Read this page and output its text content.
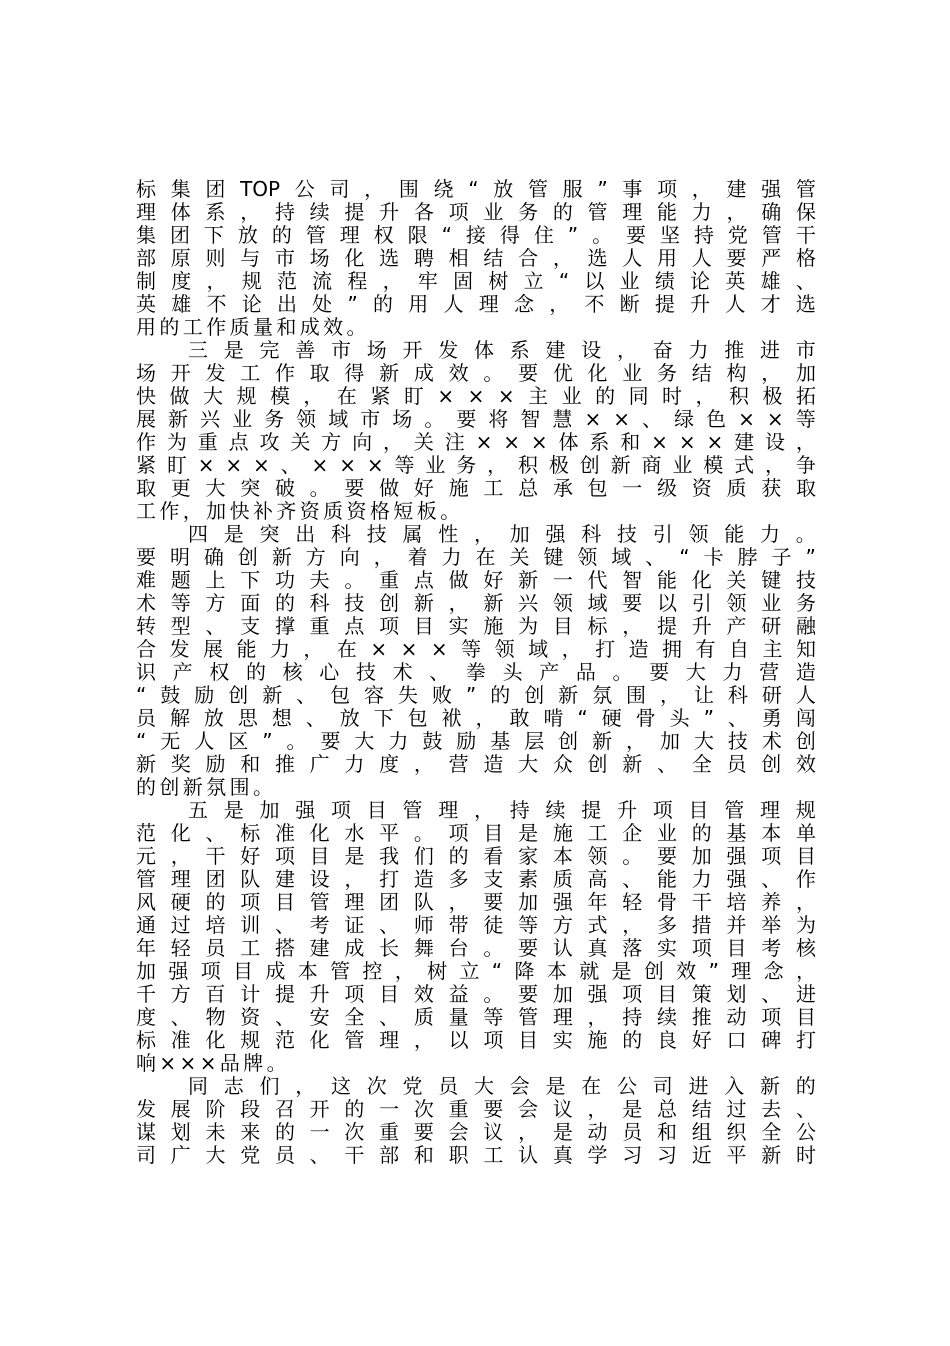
标 集 团 TOP 公 司 ， 围 绕 “ 放 管 服 ” 事 项 ， 建 强 管
理 体 系 ， 持 续 提 升 各 项 业 务 的 管 理 能 力 ， 确 保
集 团 下 放 的 管 理 权 限 “ 接 得 住 ” 。 要 坚 持 党 管 干
部 原 则 与 市 场 化 选 聘 相 结 合 ， 选 人 用 人 要 严 格
制 度 ， 规 范 流 程 ， 牢 固 树 立 “ 以 业 绩 论 英 雄 、
英 雄 不 论 出 处 ” 的 用 人 理 念 ， 不 断 提 升 人 才 选
用 的 工 作 质 量 和 成 效 。
三 是 完 善 市 场 开 发 体 系 建 设 ， 奋 力 推 进 市
场 开 发 工 作 取 得 新 成 效 。 要 优 化 业 务 结 构 ， 加
快 做 大 规 模 ， 在 紧 盯 × × × 主 业 的 同 时 ， 积 极 拓
展 新 兴 业 务 领 域 市 场 。 要 将 智 慧 × × 、 绿 色 × × 等
作 为 重 点 攻 关 方 向 ， 关 注 × × × 体 系 和 × × × 建 设 ，
紧 盯 × × × 、 × × × 等 业 务 ， 积 极 创 新 商 业 模 式 ， 争
取 更 大 突 破 。 要 做 好 施 工 总 承 包 一 级 资 质 获 取
工 作 ， 加 快 补 齐 资 质 资 格 短 板 。
四 是 突 出 科 技 属 性 ， 加 强 科 技 引 领 能 力 。
要 明 确 创 新 方 向 ， 着 力 在 关 键 领 域 、 “ 卡 脖 子 ”
难 题 上 下 功 夫 。 重 点 做 好 新 一 代 智 能 化 关 键 技
术 等 方 面 的 科 技 创 新 ， 新 兴 领 域 要 以 引 领 业 务
转 型 、 支 撑 重 点 项 目 实 施 为 目 标 ， 提 升 产 研 融
合 发 展 能 力 ， 在 × × × 等 领 域 ， 打 造 拥 有 自 主 知
识 产 权 的 核 心 技 术 、 拳 头 产 品 。 要 大 力 营 造
“ 鼓 励 创 新 、 包 容 失 败 ” 的 创 新 氛 围 ， 让 科 研 人
员 解 放 思 想 、 放 下 包 袱 ， 敢 啃 “ 硬 骨 头 ” 、 勇 闯
“ 无 人 区 ” 。 要 大 力 鼓 励 基 层 创 新 ， 加 大 技 术 创
新 奖 励 和 推 广 力 度 ， 营 造 大 众 创 新 、 全 员 创 效
的 创 新 氛 围 。
五 是 加 强 项 目 管 理 ， 持 续 提 升 项 目 管 理 规
范 化 、 标 准 化 水 平 。 项 目 是 施 工 企 业 的 基 本 单
元 ， 干 好 项 目 是 我 们 的 看 家 本 领 。 要 加 强 项 目
管 理 团 队 建 设 ， 打 造 多 支 素 质 高 、 能 力 强 、 作
风 硬 的 项 目 管 理 团 队 ， 要 加 强 年 轻 骨 干 培 养 ，
通 过 培 训 、 考 证 、 师 带 徒 等 方 式 ， 多 措 并 举 为
年 轻 员 工 搭 建 成 长 舞 台 。 要 认 真 落 实 项 目 考 核
加 强 项 目 成 本 管 控 ， 树 立 “ 降 本 就 是 创 效 ” 理 念 ，
千 方 百 计 提 升 项 目 效 益 。 要 加 强 项 目 策 划 、 进
度 、 物 资 、 安 全 、 质 量 等 管 理 ， 持 续 推 动 项 目
标 准 化 规 范 化 管 理 ， 以 项 目 实 施 的 良 好 口 碑 打
响 × × × 品 牌 。
同 志 们 ， 这 次 党 员 大 会 是 在 公 司 进 入 新 的
发 展 阶 段 召 开 的 一 次 重 要 会 议 ， 是 总 结 过 去 、
谋 划 未 来 的 一 次 重 要 会 议 ， 是 动 员 和 组 织 全 公
司 广 大 党 员 、 干 部 和 职 工 认 真 学 习 习 近 平 新 时
